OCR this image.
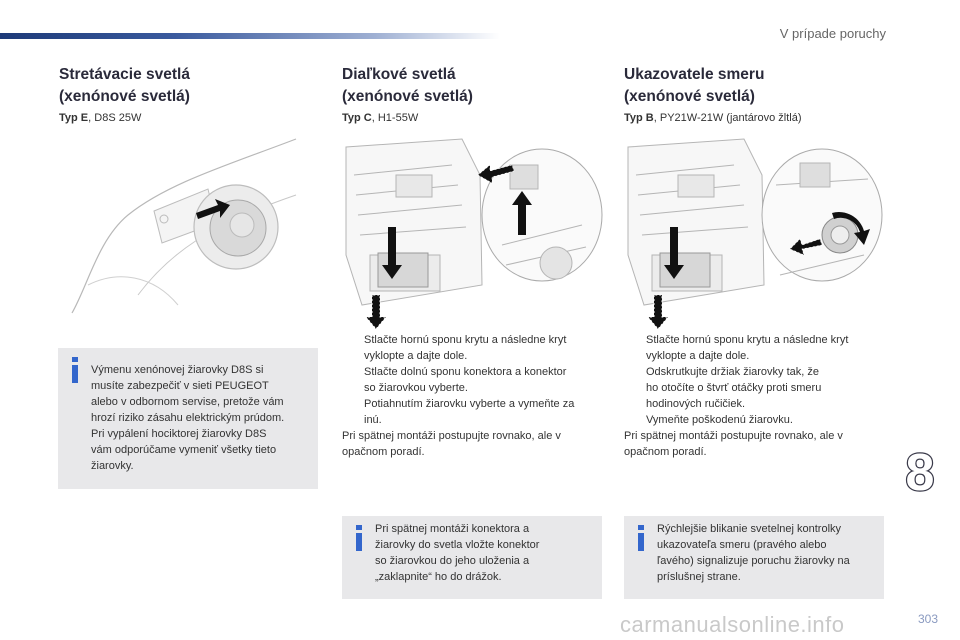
V prípade poruchy
Stretávacie svetlá
(xenónové svetlá)
Typ E, D8S 25W
Diaľkové svetlá
(xenónové svetlá)
Typ C, H1-55W
Ukazovatele smeru
(xenónové svetlá)
Typ B, PY21W-21W (jantárovo žltlá)
Výmenu xenónovej žiarovky D8S si
musíte zabezpečiť v sieti PEUGEOT
alebo v odbornom servise, pretože vám
hrozí riziko zásahu elektrickým prúdom.
Pri vypálení hociktorej žiarovky D8S
vám odporúčame vymeniť všetky tieto
žiarovky.
Stlačte hornú sponu krytu a následne kryt
vyklopte a dajte dole.
Stlačte dolnú sponu konektora a konektor
so žiarovkou vyberte.
Potiahnutím žiarovku vyberte a vymeňte za
inú.
Pri spätnej montáži postupujte rovnako, ale v
opačnom poradí.
Stlačte hornú sponu krytu a následne kryt
vyklopte a dajte dole.
Odskrutkujte držiak žiarovky tak, že
ho otočíte o štvrť otáčky proti smeru
hodinových ručičiek.
Vymeňte poškodenú žiarovku.
Pri spätnej montáži postupujte rovnako, ale v
opačnom poradí.
Pri spätnej montáži konektora a
žiarovky do svetla vložte konektor
so žiarovkou do jeho uloženia a
„zaklapnite“ ho do drážok.
Rýchlejšie blikanie svetelnej kontrolky
ukazovateľa smeru (pravého alebo
ľavého) signalizuje poruchu žiarovky na
príslušnej strane.
8
303
carmanualsonline.info
